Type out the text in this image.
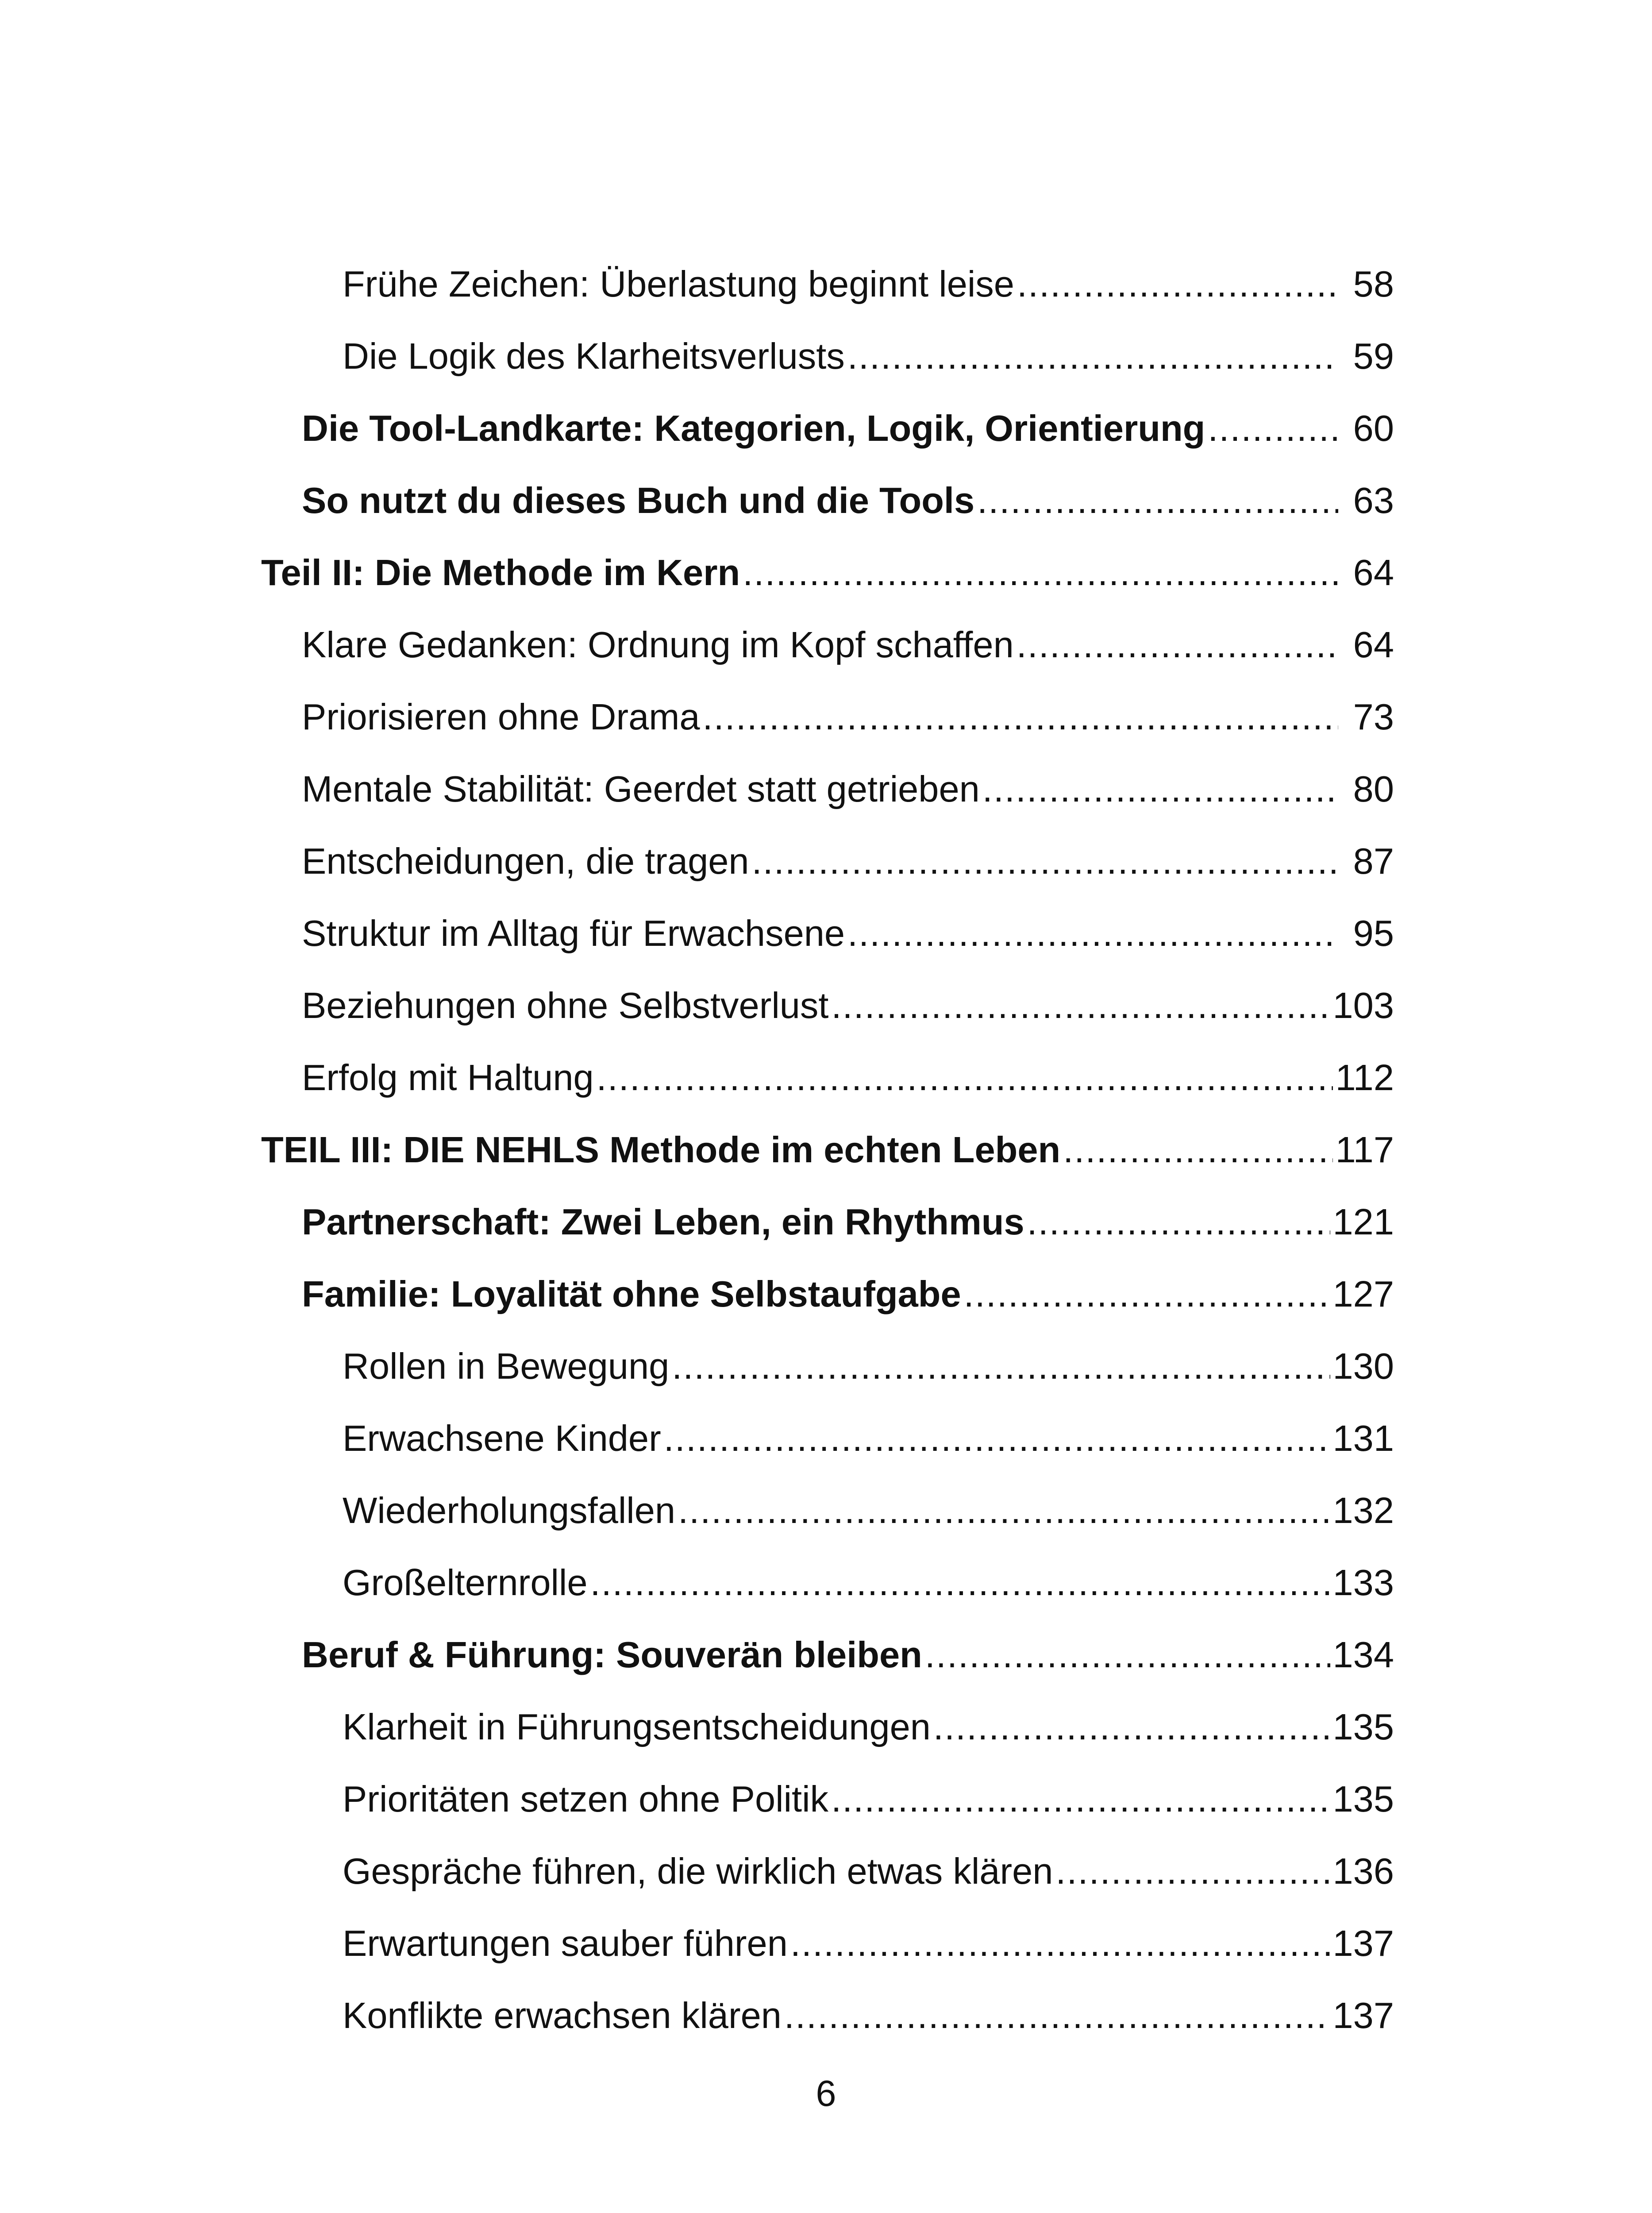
Frühe Zeichen: Überlastung beginnt leise .....	58
Die Logik des Klarheitsverlusts .....	59
Die Tool-Landkarte: Kategorien, Logik, Orientierung .....	60
So nutzt du dieses Buch und die Tools .....	63
Teil II: Die Methode im Kern .....	64
Klare Gedanken: Ordnung im Kopf schaffen .....	64
Priorisieren ohne Drama .....	73
Mentale Stabilität: Geerdet statt getrieben .....	80
Entscheidungen, die tragen .....	87
Struktur im Alltag für Erwachsene .....	95
Beziehungen ohne Selbstverlust .....	103
Erfolg mit Haltung .....	112
TEIL III: DIE NEHLS Methode im echten Leben .....	117
Partnerschaft: Zwei Leben, ein Rhythmus .....	121
Familie: Loyalität ohne Selbstaufgabe .....	127
Rollen in Bewegung .....	130
Erwachsene Kinder .....	131
Wiederholungsfallen .....	132
Großelternrolle .....	133
Beruf & Führung: Souverän bleiben .....	134
Klarheit in Führungsentscheidungen .....	135
Prioritäten setzen ohne Politik .....	135
Gespräche führen, die wirklich etwas klären .....	136
Erwartungen sauber führen .....	137
Konflikte erwachsen klären .....	137
6
